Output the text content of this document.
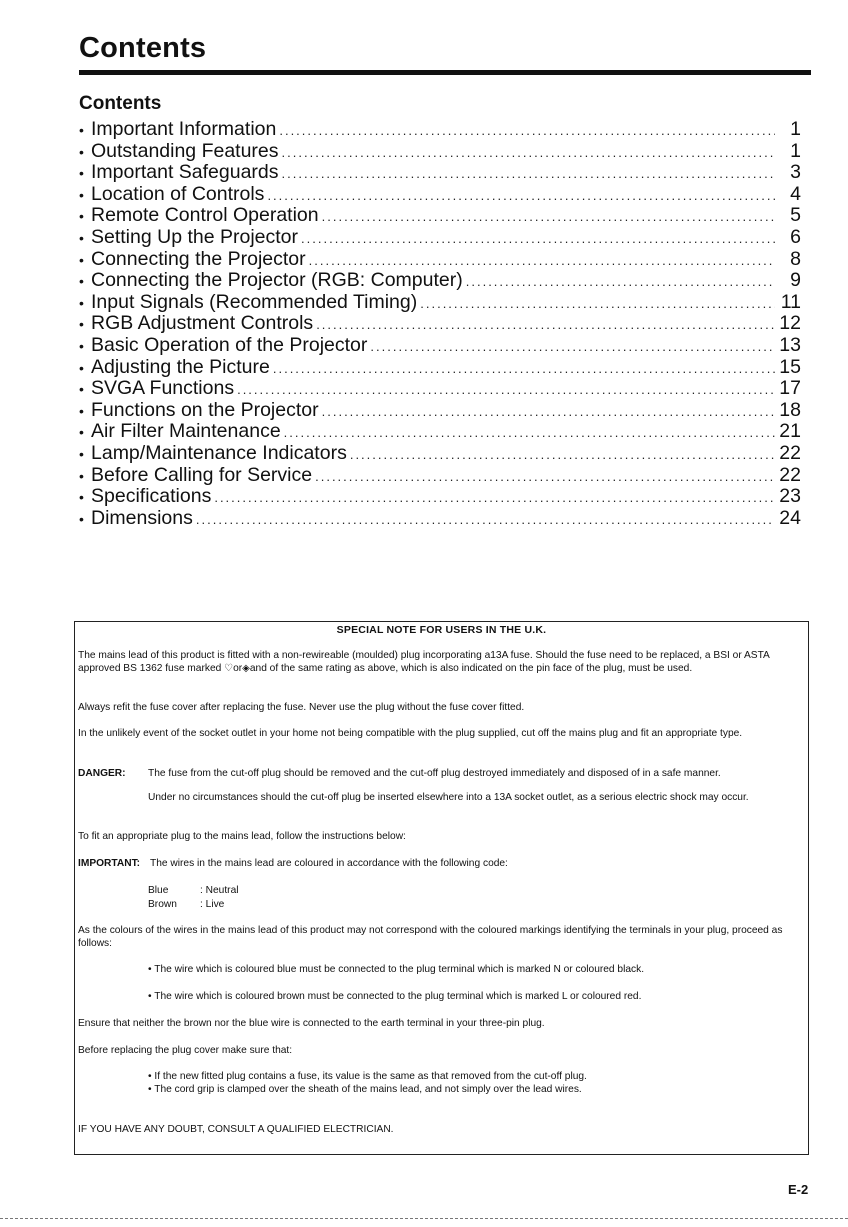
Contents
Contents
• Important Information .....	1
• Outstanding Features .....	1
• Important Safeguards .....	3
• Location of Controls .....	4
• Remote Control Operation .....	5
• Setting Up the Projector .....	6
• Connecting the Projector .....	8
• Connecting the Projector (RGB: Computer) .....	9
• Input Signals (Recommended Timing) .....	11
• RGB Adjustment Controls .....	12
• Basic Operation of the Projector .....	13
• Adjusting the Picture .....	15
• SVGA Functions .....	17
• Functions on the Projector .....	18
• Air Filter Maintenance .....	21
• Lamp/Maintenance Indicators .....	22
• Before Calling for Service .....	22
• Specifications .....	23
• Dimensions .....	24
SPECIAL NOTE FOR USERS IN THE U.K.

The mains lead of this product is fitted with a non-rewireable (moulded) plug incorporating a13A fuse. Should the fuse need to be replaced, a BSI or ASTA approved BS 1362 fuse marked ♡or◈and of the same rating as above, which is also indicated on the pin face of the plug, must be used.

Always refit the fuse cover after replacing the fuse. Never use the plug without the fuse cover fitted.

In the unlikely event of the socket outlet in your home not being compatible with the plug supplied, cut off the mains plug and fit an appropriate type.

DANGER: The fuse from the cut-off plug should be removed and the cut-off plug destroyed immediately and disposed of in a safe manner.

Under no circumstances should the cut-off plug be inserted elsewhere into a 13A socket outlet, as a serious electric shock may occur.

To fit an appropriate plug to the mains lead, follow the instructions below:

IMPORTANT: The wires in the mains lead are coloured in accordance with the following code:

Blue	: Neutral

Brown : Live

As the colours of the wires in the mains lead of this product may not correspond with the coloured markings identifying the terminals in your plug, proceed as follows:

• The wire which is coloured blue must be connected to the plug terminal which is marked N or coloured black.

• The wire which is coloured brown must be connected to the plug terminal which is marked L or coloured red.

Ensure that neither the brown nor the blue wire is connected to the earth terminal in your three-pin plug.

Before replacing the plug cover make sure that:

• If the new fitted plug contains a fuse, its value is the same as that removed from the cut-off plug.

• The cord grip is clamped over the sheath of the mains lead, and not simply over the lead wires.

IF YOU HAVE ANY DOUBT, CONSULT A QUALIFIED ELECTRICIAN.

E-2
